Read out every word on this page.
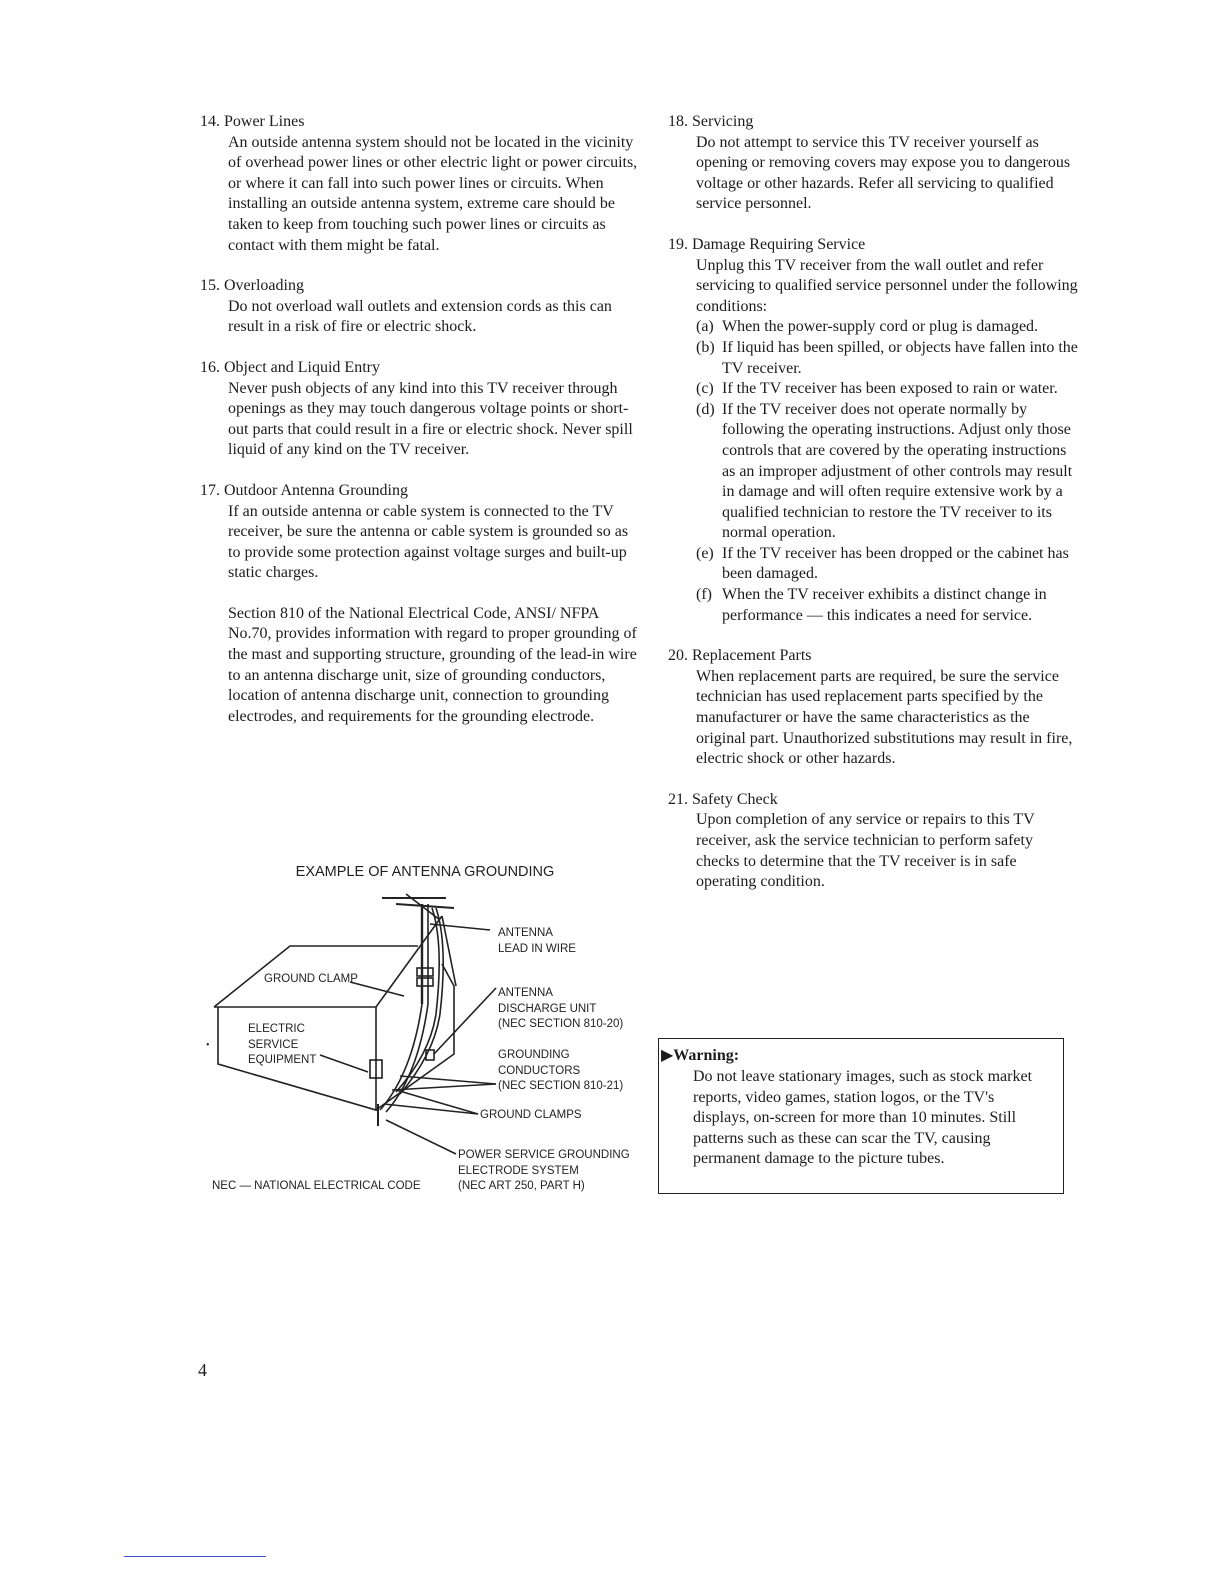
14. Power Lines

An outside antenna system should not be located in the vicinity of overhead power lines or other electric light or power circuits, or where it can fall into such power lines or circuits. When installing an outside antenna system, extreme care should be taken to keep from touching such power lines or circuits as contact with them might be fatal.

15. Overloading

Do not overload wall outlets and extension cords as this can result in a risk of fire or electric shock.

16. Object and Liquid Entry

Never push objects of any kind into this TV receiver through openings as they may touch dangerous voltage points or short-out parts that could result in a fire or electric shock. Never spill liquid of any kind on the TV receiver.

17. Outdoor Antenna Grounding

If an outside antenna or cable system is connected to the TV receiver, be sure the antenna or cable system is grounded so as to provide some protection against voltage surges and built-up static charges.

Section 810 of the National Electrical Code, ANSI/ NFPA No.70, provides information with regard to proper grounding of the mast and supporting structure, grounding of the lead-in wire to an antenna discharge unit, size of grounding conductors, location of antenna discharge unit, connection to grounding electrodes, and requirements for the grounding electrode.

EXAMPLE OF ANTENNA GROUNDING
•
ANTENNA
LEAD IN WIRE
GROUND CLAMP
ANTENNA
DISCHARGE UNIT
(NEC SECTION 810-20)
ELECTRIC
SERVICE
EQUIPMENT	GROUNDING
CONDUCTORS
(NEC SECTION 810-21)
GROUND CLAMPS
POWER SERVICE GROUNDING
ELECTRODE SYSTEM
(NEC ART 250, PART H)
NEC — NATIONAL ELECTRICAL CODE
18. Servicing
Do not attempt to service this TV receiver yourself as opening or removing covers may expose you to dangerous voltage or other hazards. Refer all servicing to qualified service personnel.
19. Damage Requiring Service
Unplug this TV receiver from the wall outlet and refer servicing to qualified service personnel under the following conditions:
(a) When the power-supply cord or plug is damaged.
(b) If liquid has been spilled, or objects have fallen into the TV receiver.
(c) If the TV receiver has been exposed to rain or water.
(d) If the TV receiver does not operate normally by following the operating instructions. Adjust only those controls that are covered by the operating instructions as an improper adjustment of other controls may result in damage and will often require extensive work by a qualified technician to restore the TV receiver to its normal operation.
(e) If the TV receiver has been dropped or the cabinet has been damaged.
(f) When the TV receiver exhibits a distinct change in performance — this indicates a need for service.
20. Replacement Parts
When replacement parts are required, be sure the service technician has used replacement parts specified by the manufacturer or have the same characteristics as the original part. Unauthorized substitutions may result in fire, electric shock or other hazards.
21. Safety Check
Upon completion of any service or repairs to this TV receiver, ask the service technician to perform safety checks to determine that the TV receiver is in safe operating condition.
▶Warning:
Do not leave stationary images, such as stock market reports, video games, station logos, or the TV's displays, on-screen for more than 10 minutes. Still patterns such as these can scar the TV, causing permanent damage to the picture tubes.
4
